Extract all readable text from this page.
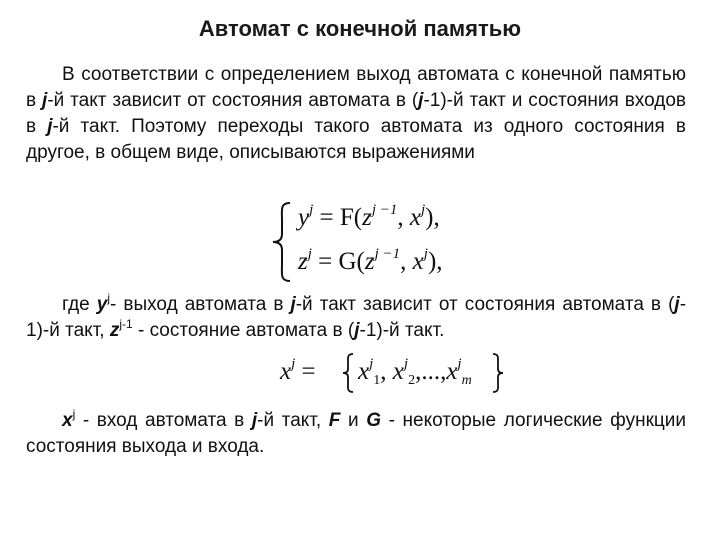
Автомат с конечной памятью
В соответствии с определением выход автомата с конечной памятью в j-й такт зависит от состояния автомата в (j-1)-й такт и состояния входов в j-й такт. Поэтому переходы такого автомата из одного состояния в другое, в общем виде, описываются выражениями
$y^j = F(z^{j -1}$, $x^j$),
$z^j = G(z^{j -1}$, $x^j$),
где $y^j-$ выход автомата в j-й такт зависит от состояния автомата в (j-1)-й такт, $z^{j-1}$ - состояние автомата в (j-1)-й такт.
$x^j = x^j_1$, $x^j_2,...,x^j_m$
$x^j$ - вход автомата в j-й такт, F и G - некоторые логические функции состояния выхода и входа.
